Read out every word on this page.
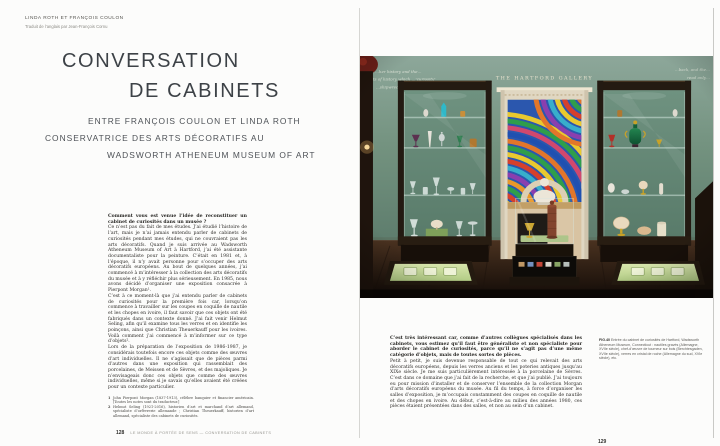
LINDA ROTH ET FRANÇOIS COULON
Traduit de l’anglais par Jean-François Cornu
CONVERSATION
DE CABINETS
ENTRE FRANÇOIS COULON ET LINDA ROTH
CONSERVATRICE DES ARTS DÉCORATIFS AU
WADSWORTH ATHENEUM MUSEUM OF ART

Comment vous est venue l’idée de reconstituer un cabinet de curiosités dans un musée ?

Ce n’est pas du fait de mes études. J’ai étudié l’histoire de l’art, mais je n’ai jamais entendu parler de cabinets de curiosités pendant mes études, qui ne couvraient pas les arts décoratifs. Quand je suis arrivée au Wadsworth Atheneum Museum of Art à Hartford, j’ai été assistante documentaliste pour la peinture. C’était en 1981 et, à l’époque, il n’y avait personne pour s’occuper des arts décoratifs européens. Au bout de quelques années, j’ai commencé à m’intéresser à la collection des arts décoratifs du musée et à y réfléchir plus sérieusement. En 1985, nous avons décidé d’organiser une exposition consacrée à Pierpont Morgan¹.

C’est à ce moment-là que j’ai entendu parler de cabinets de curiosités pour la première fois car, lorsqu’on commence à travailler sur les coupes en coquille de nautile et les chopes en ivoire, il faut savoir que ces objets ont été fabriqués dans un contexte donné. J’ai fait venir Helmut Seling, afin qu’il examine tous les verres et en identifie les poinçons, ainsi que Christian Theuerkauff pour les ivoires. Voilà comment j’ai commencé à m’informer sur ce type d’objets².

Lors de la préparation de l’exposition de 1986-1987, je considérais toutefois encore ces objets comme des œuvres d’art individuelles. Il ne s’agissait que de pièces parmi d’autres dans une exposition qui rassemblait des porcelaines, de Meissen et de Sèvres, et des majoliques. Je n’envisageais donc ces objets que comme des œuvres individuelles, même si je savais qu’elles avaient été créées pour un contexte particulier.

1 John Pierpont Morgan (1837-1913), célèbre banquier et financier américain. [Toutes les notes sont du traducteur.]
2 Helmut Seling (1921-2016), historien d’art et marchand d’art allemand, spécialiste d’orfèvrerie allemande ; Christian Theuerkauff, historien d’art allemand, spécialiste des cabinets de curiosités.
128 LE MONDE À PORTÉE DE SENS — CONVERSATION DE CABINETS
FIG.40 Entrée du cabinet de curiosités de Hartford, Wadsworth Atheneum Museum, Connecticut : nautiles gravés (Allemagne, XVIIe siècle), chef-d’œuvre de tourneur sur bois (Berchtesgaden, XVIIe siècle), verres en cristal de roche (Allemagne du sud, XVIe siècle), etc.

C’est très intéressant car, comme d’autres collègues spécialisés dans les cabinets, vous estimez qu’il faut être généraliste et non spécialiste pour aborder le cabinet de curiosités, parce qu’il ne s’agit pas d’une même catégorie d’objets, mais de toutes sortes de pièces.

Petit à petit, je suis devenue responsable de tout ce qui relevait des arts décoratifs européens, depuis les verres anciens et les poteries antiques jusqu’au XIXe siècle. Je me suis particulièrement intéressée à la porcelaine de Sèvres. C’est dans ce domaine que j’ai fait de la recherche, et que j’ai publié. J’ai toujours eu pour mission d’installer et de conserver l’ensemble de la collection Morgan d’arts décoratifs européens du musée. Au fil du temps, à force d’organiser les salles d’exposition, je m’occupais constamment des coupes en coquille de nautile et des chopes en ivoire. Au début, c’est-à-dire au milieu des années 1980, ces pièces étaient présentées dans des salles, et non au sein d’un cabinet.

129
